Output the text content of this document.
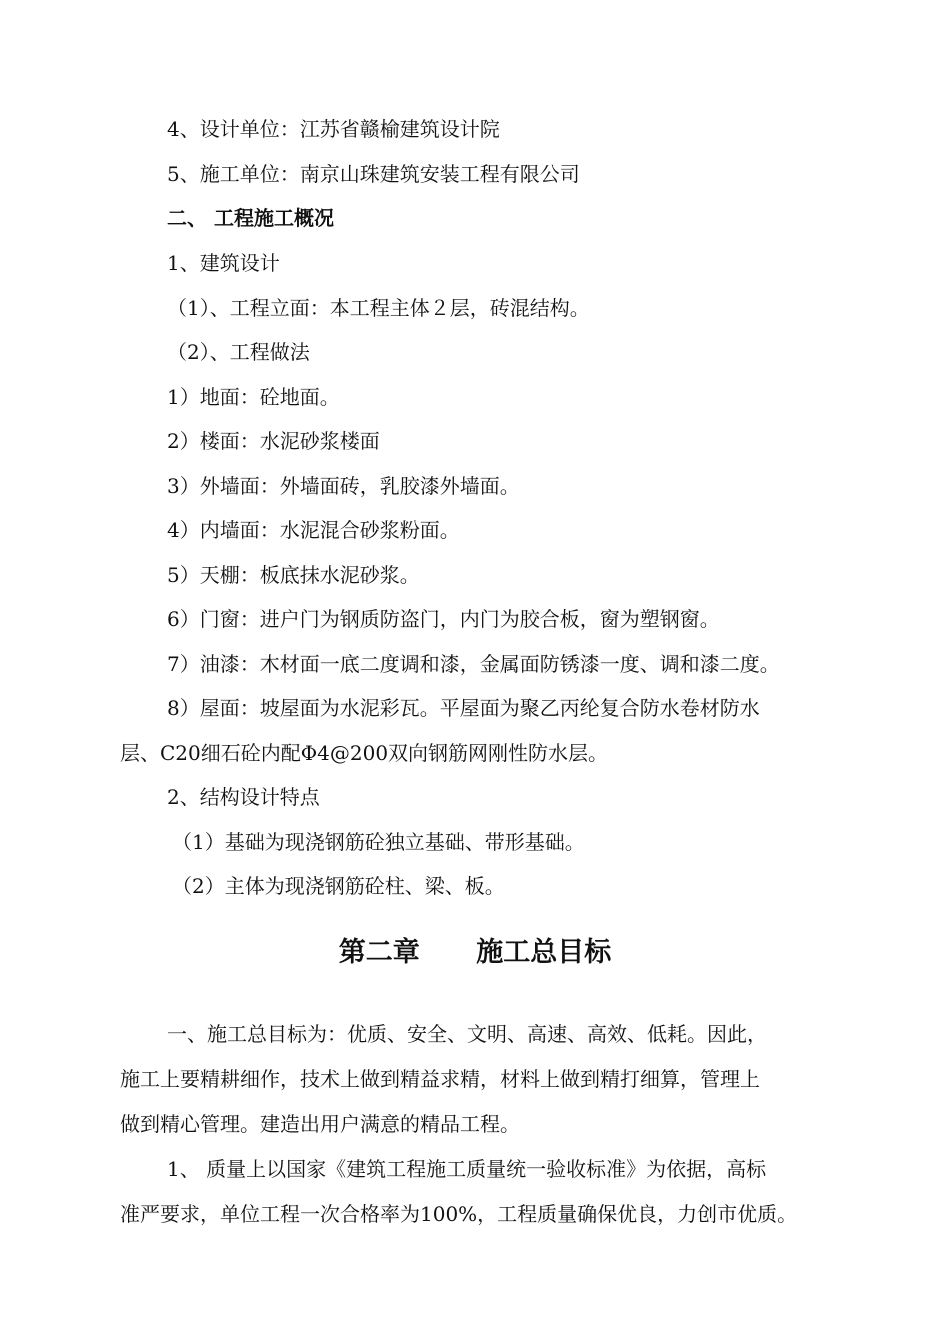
4、设计单位：江苏省赣榆建筑设计院

5、施工单位：南京山珠建筑安装工程有限公司

二、 工程施工概况

1、建筑设计

（1）、工程立面：本工程主体２层，砖混结构。

（2）、工程做法

1）地面：砼地面。

2）楼面：水泥砂浆楼面

3）外墙面：外墙面砖，乳胶漆外墙面。

4）内墙面：水泥混合砂浆粉面。

5）天棚：板底抹水泥砂浆。

6）门窗：进户门为钢质防盗门，内门为胶合板，窗为塑钢窗。

7）油漆：木材面一底二度调和漆，金属面防锈漆一度、调和漆二度。

8）屋面：坡屋面为水泥彩瓦。平屋面为聚乙丙纶复合防水卷材防水

层、C20细石砼内配Φ4@200双向钢筋网刚性防水层。

2、结构设计特点

（1）基础为现浇钢筋砼独立基础、带形基础。

（2）主体为现浇钢筋砼柱、梁、板。

第二章      施工总目标

一、施工总目标为：优质、安全、文明、高速、高效、低耗。因此，

施工上要精耕细作，技术上做到精益求精，材料上做到精打细算，管理上

做到精心管理。建造出用户满意的精品工程。

1、 质量上以国家《建筑工程施工质量统一验收标准》为依据，高标

准严要求，单位工程一次合格率为100%，工程质量确保优良，力创市优质。
